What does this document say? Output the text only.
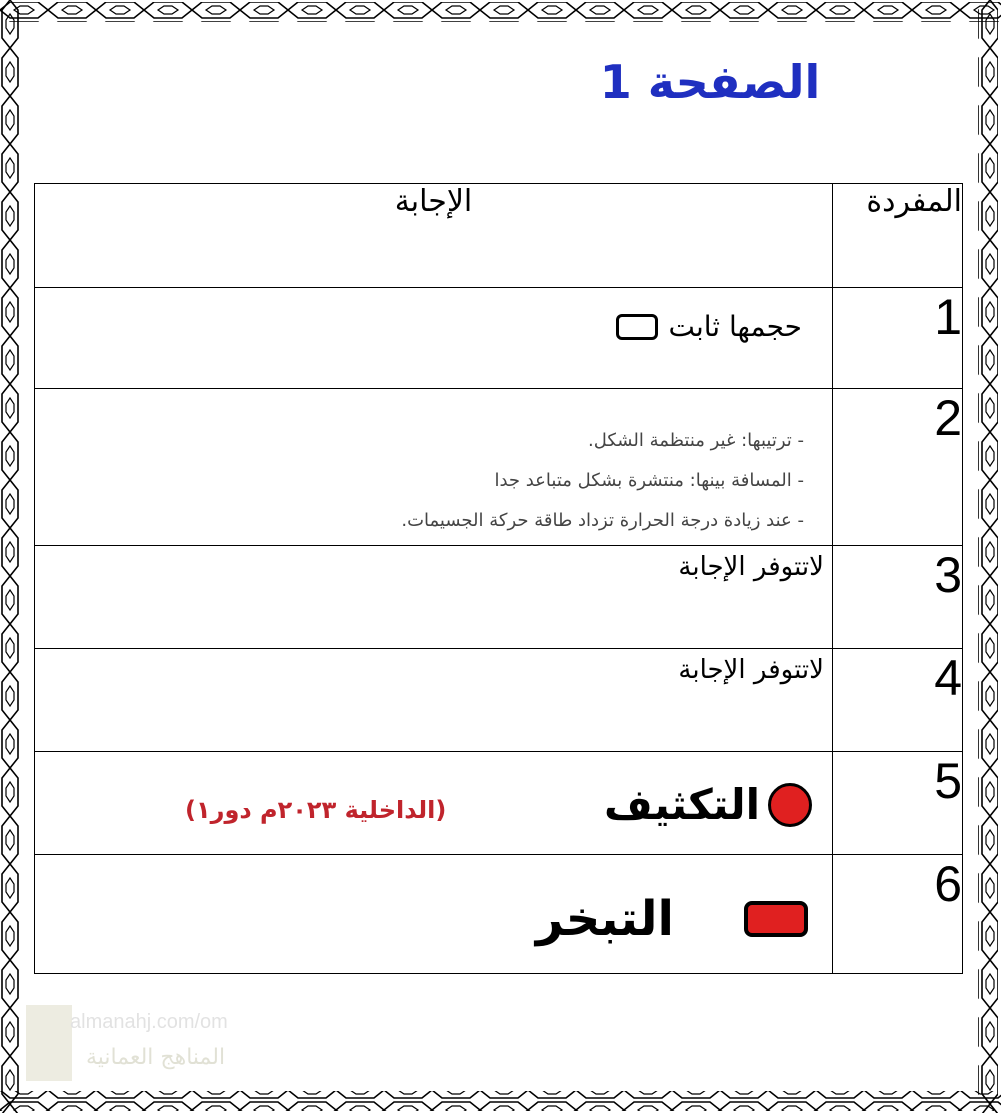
الصفحة 1
المفردة	الإجابة
1	حجمها ثابت

2	- ترتيبها: غير منتظمة الشكل.
- المسافة بينها: منتشرة بشكل متباعد جدا
- عند زيادة درجة الحرارة تزداد طاقة حركة الجسيمات.

3	لاتتوفر الإجابة

4	لاتتوفر الإجابة

5	التكثيف
(الداخلية ٢٠٢٣م دور١)

6	التبخر
almanahj.com/om
المناهج العمانية
